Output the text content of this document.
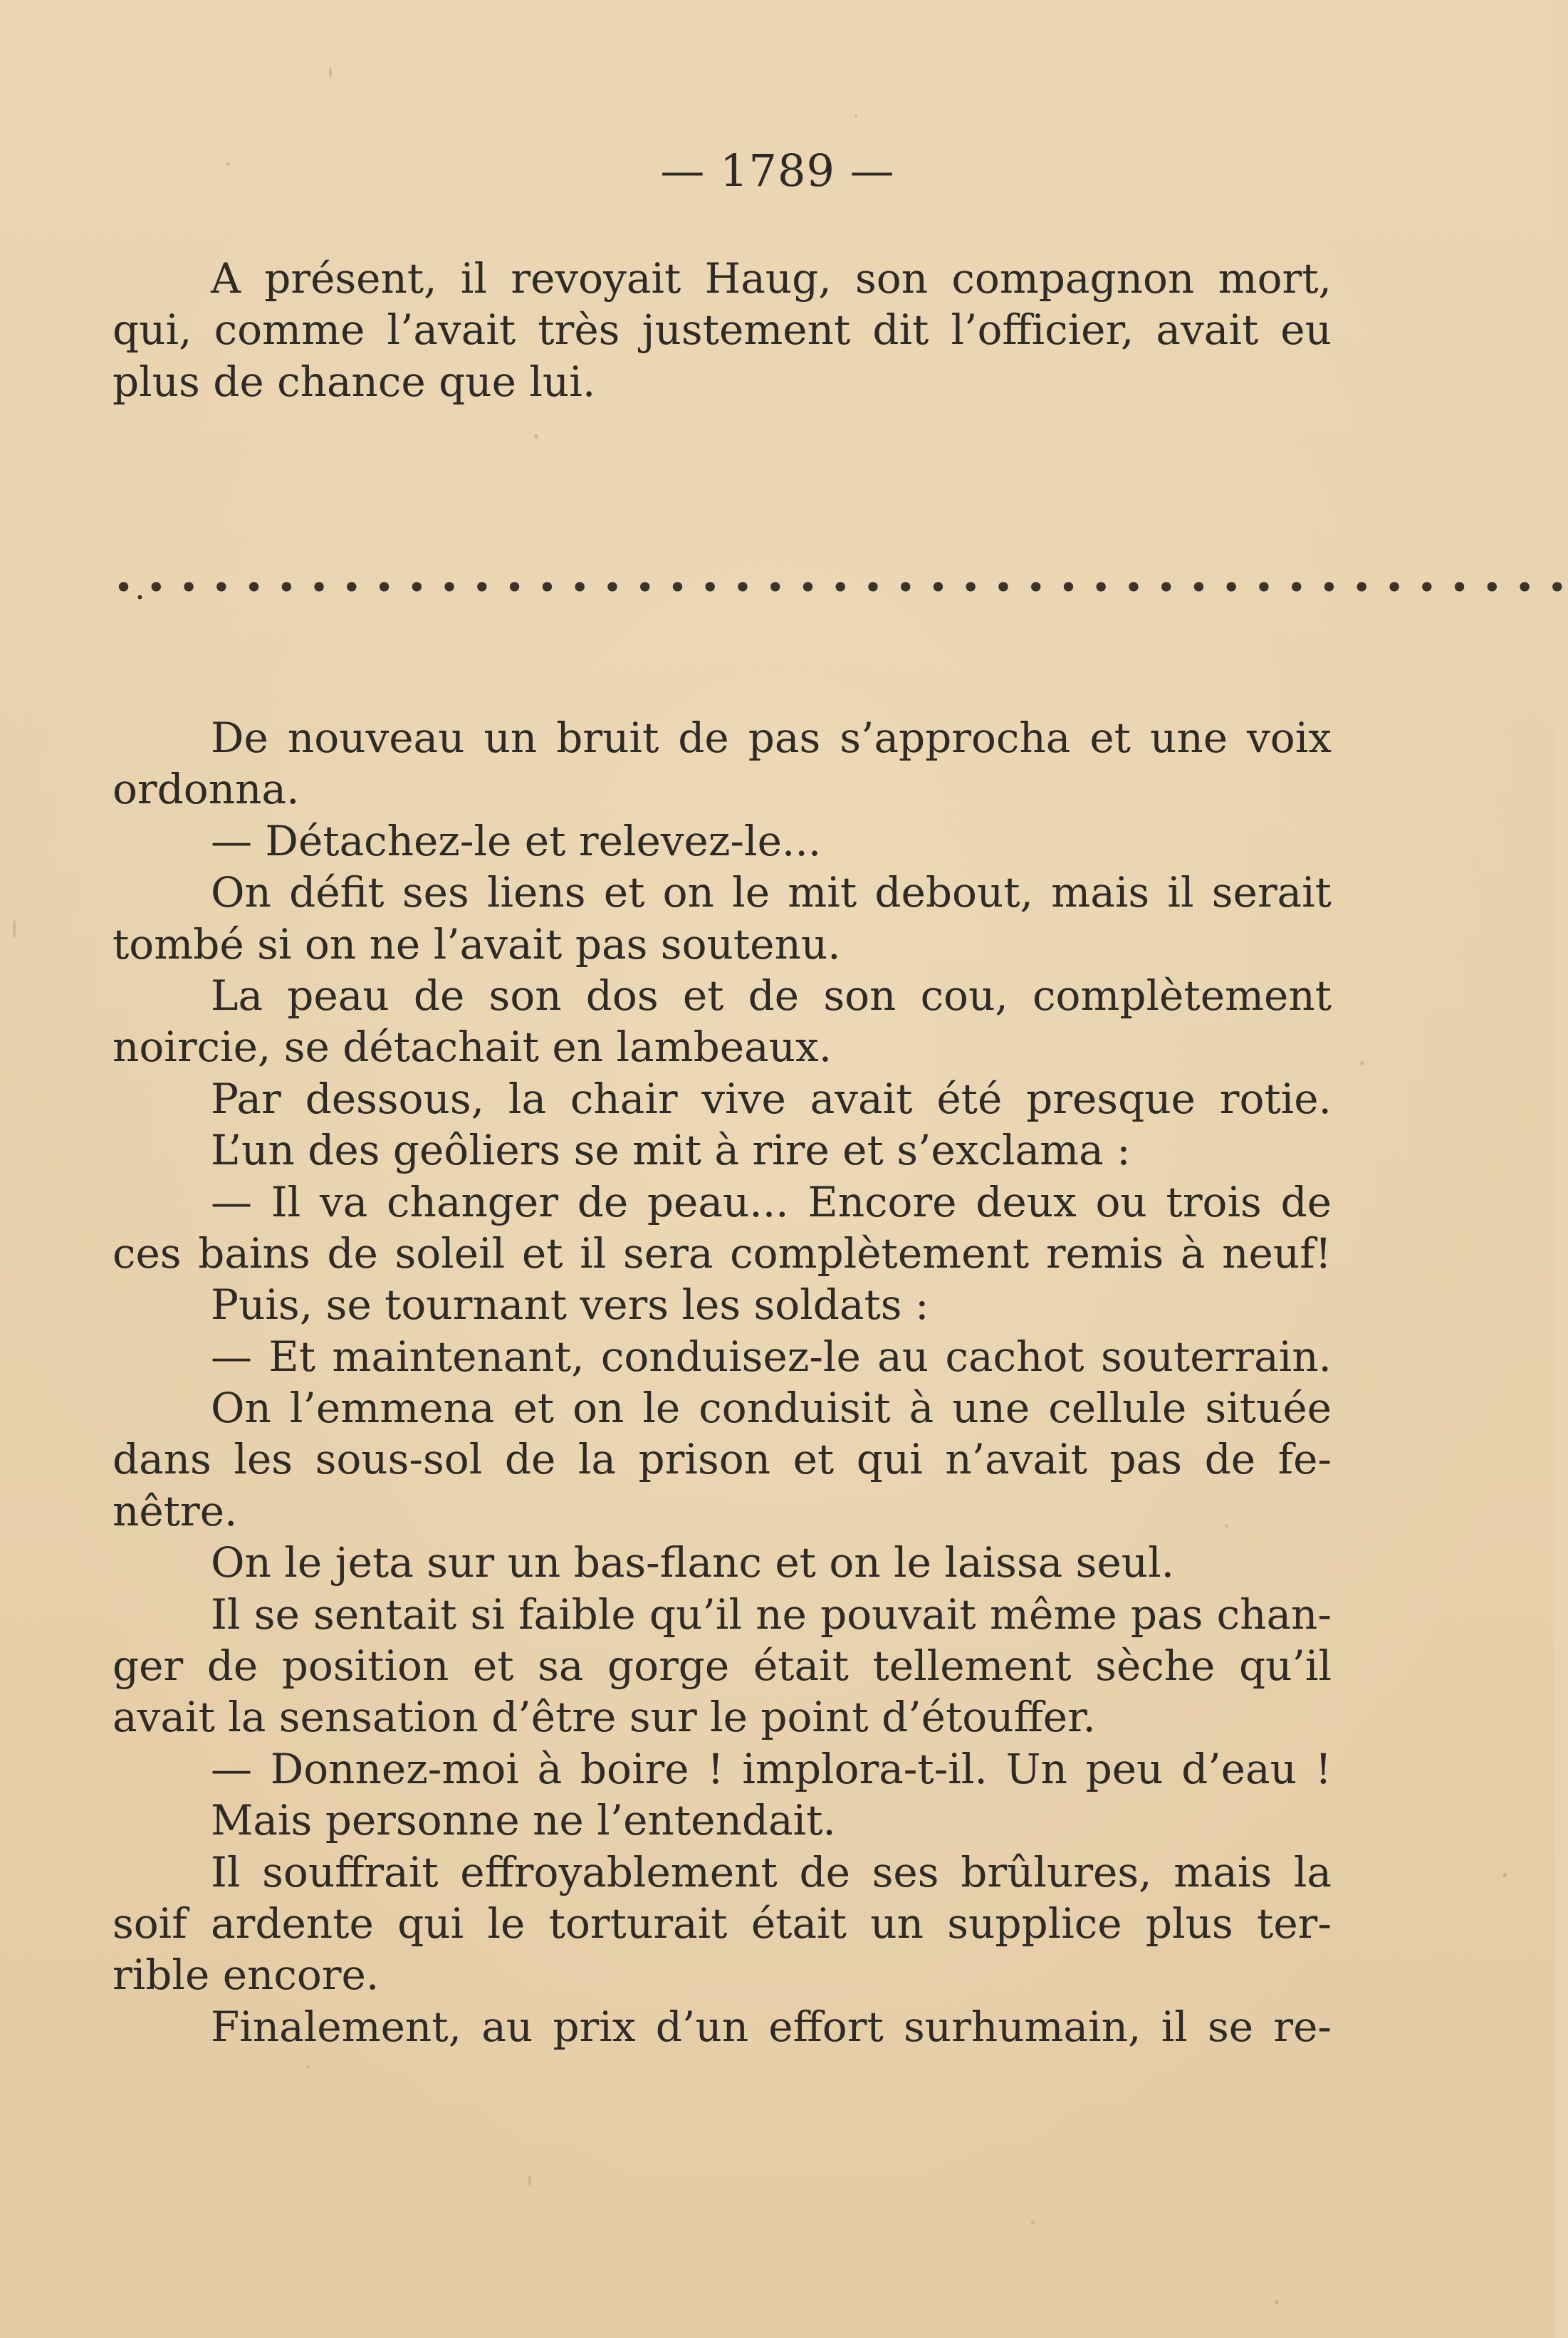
— 1789 —
A présent, il revoyait Haug, son compagnon mort,
qui, comme l’avait très justement dit l’officier, avait eu
plus de chance que lui.
•.• • • • • • • • • • • • • • • • • • • • • • • • • • • • • • • • • • • • • • • • • • • •
De nouveau un bruit de pas s’approcha et une voix
ordonna.
— Détachez-le et relevez-le...
On défit ses liens et on le mit debout, mais il serait
tombé si on ne l’avait pas soutenu.
La peau de son dos et de son cou, complètement
noircie, se détachait en lambeaux.
Par dessous, la chair vive avait été presque rotie.
L’un des geôliers se mit à rire et s’exclama :
— Il va changer de peau... Encore deux ou trois de
ces bains de soleil et il sera complètement remis à neuf!
Puis, se tournant vers les soldats :
— Et maintenant, conduisez-le au cachot souterrain.
On l’emmena et on le conduisit à une cellule située
dans les sous-sol de la prison et qui n’avait pas de fe-
nêtre.
On le jeta sur un bas-flanc et on le laissa seul.
Il se sentait si faible qu’il ne pouvait même pas chan-
ger de position et sa gorge était tellement sèche qu’il
avait la sensation d’être sur le point d’étouffer.
— Donnez-moi à boire ! implora-t-il. Un peu d’eau !
Mais personne ne l’entendait.
Il souffrait effroyablement de ses brûlures, mais la
soif ardente qui le torturait était un supplice plus ter-
rible encore.
Finalement, au prix d’un effort surhumain, il se re-
